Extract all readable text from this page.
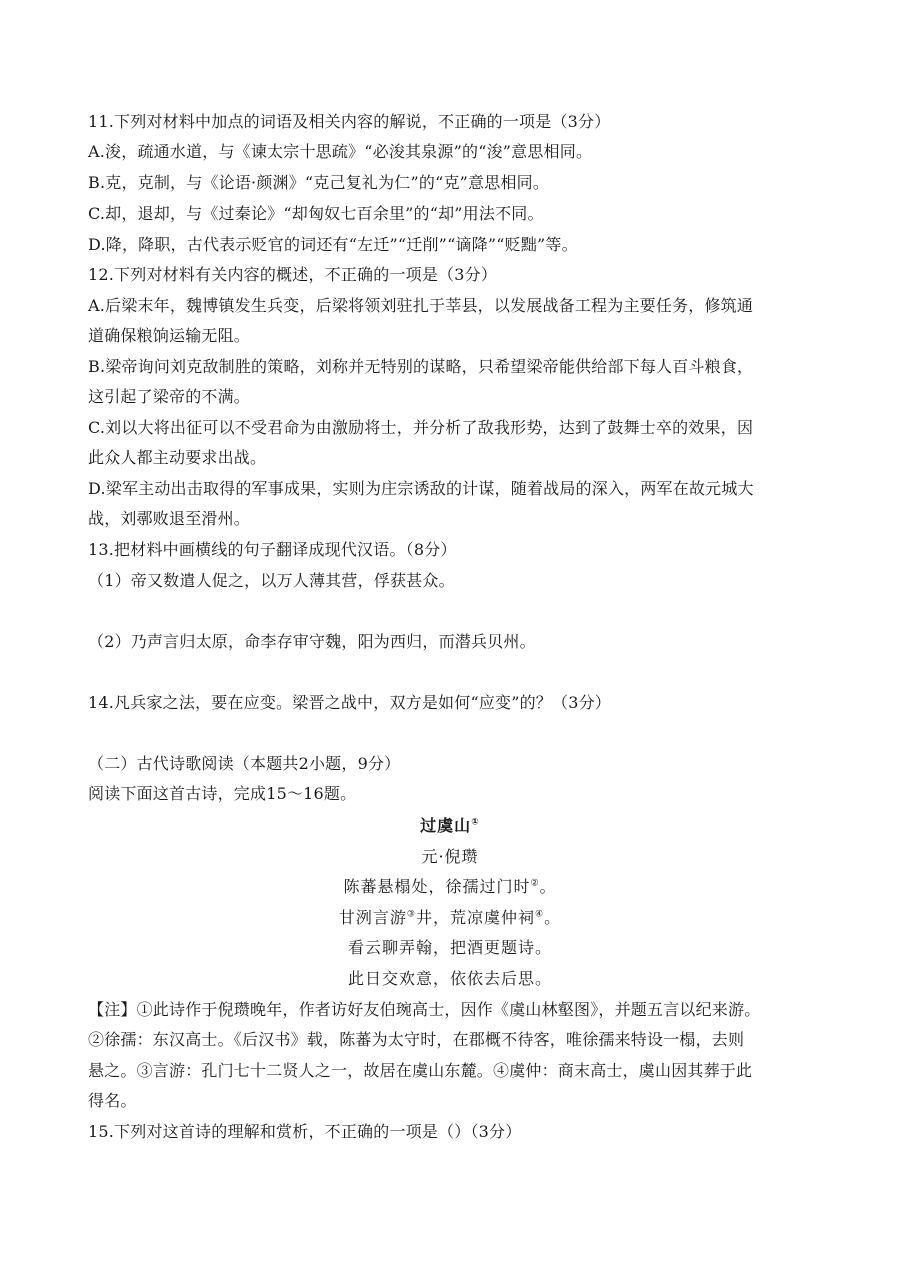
11.下列对材料中加点的词语及相关内容的解说，不正确的一项是（3分）
A.浚，疏通水道，与《谏太宗十思疏》“必浚其泉源”的“浚”意思相同。
B.克，克制，与《论语·颜渊》“克己复礼为仁”的“克”意思相同。
C.却，退却，与《过秦论》“却匈奴七百余里”的“却”用法不同。
D.降，降职，古代表示贬官的词还有“左迁”“迁削”“谪降”“贬黜”等。
12.下列对材料有关内容的概述，不正确的一项是（3分）
A.后梁末年，魏博镇发生兵变，后梁将领刘驻扎于莘县，以发展战备工程为主要任务，修筑通
道确保粮饷运输无阻。
B.梁帝询问刘克敌制胜的策略，刘称并无特别的谋略，只希望梁帝能供给部下每人百斗粮食，
这引起了梁帝的不满。
C.刘以大将出征可以不受君命为由激励将士，并分析了敌我形势，达到了鼓舞士卒的效果，因
此众人都主动要求出战。
D.梁军主动出击取得的军事成果，实则为庄宗诱敌的计谋，随着战局的深入，两军在故元城大
战，刘鄩败退至滑州。
13.把材料中画横线的句子翻译成现代汉语。（8分）
（1）帝又数遣人促之，以万人薄其营，俘获甚众。
（2）乃声言归太原，命李存审守魏，阳为西归，而潜兵贝州。
14.凡兵家之法，要在应变。梁晋之战中，双方是如何“应变”的？（3分）
（二）古代诗歌阅读（本题共2小题，9分）
阅读下面这首古诗，完成15～16题。
过虞山①
元·倪瓒
陈蕃悬榻处，徐孺过门时②。
甘洌言游③井，荒凉虞仲祠④。
看云聊弄翰，把酒更题诗。
此日交欢意，依依去后思。
【注】①此诗作于倪瓒晚年，作者访好友伯琬高士，因作《虞山林壑图》，并题五言以纪来游。
②徐孺：东汉高士。《后汉书》载，陈蕃为太守时，在郡概不待客，唯徐孺来特设一榻，去则
悬之。③言游：孔门七十二贤人之一，故居在虞山东麓。④虞仲：商末高士，虞山因其葬于此
得名。
15.下列对这首诗的理解和赏析，不正确的一项是（）（3分）
